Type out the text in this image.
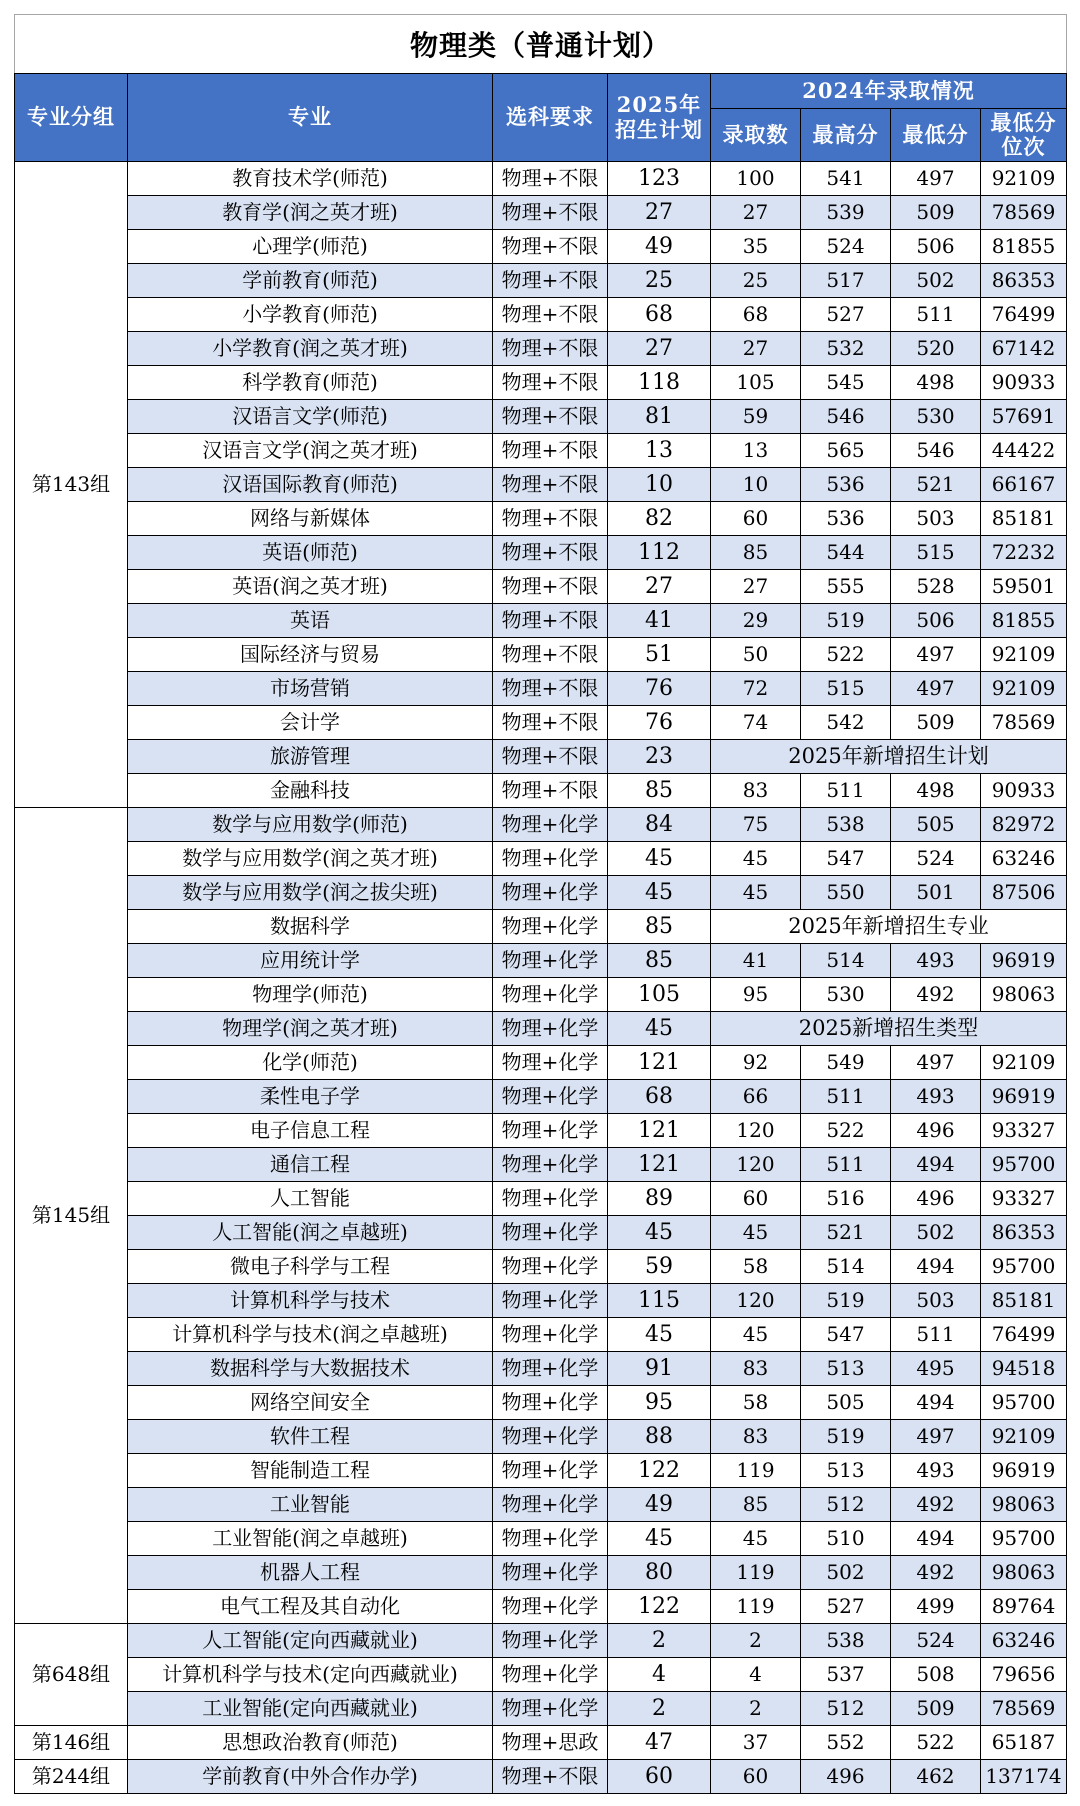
物理类（普通计划）
专业分组	专业	选科要求	2025年
招生计划
2024年录取情况
录取数	最高分	最低分	最低分
位次
第143组
教育技术学(师范)	物理+不限	123	100	541	497	92109
教育学(润之英才班)	物理+不限	27	27	539	509	78569
心理学(师范)	物理+不限	49	35	524	506	81855
学前教育(师范)	物理+不限	25	25	517	502	86353
小学教育(师范)	物理+不限	68	68	527	511	76499
小学教育(润之英才班)	物理+不限	27	27	532	520	67142
科学教育(师范)	物理+不限	118	105	545	498	90933
汉语言文学(师范)	物理+不限	81	59	546	530	57691
汉语言文学(润之英才班)	物理+不限	13	13	565	546	44422
汉语国际教育(师范)	物理+不限	10	10	536	521	66167
网络与新媒体	物理+不限	82	60	536	503	85181
英语(师范)	物理+不限	112	85	544	515	72232
英语(润之英才班)	物理+不限	27	27	555	528	59501
英语	物理+不限	41	29	519	506	81855
国际经济与贸易	物理+不限	51	50	522	497	92109
市场营销	物理+不限	76	72	515	497	92109
会计学	物理+不限	76	74	542	509	78569
旅游管理	物理+不限	23	2025年新增招生计划
金融科技	物理+不限	85	83	511	498	90933
第145组
数学与应用数学(师范)	物理+化学	84	75	538	505	82972
数学与应用数学(润之英才班)	物理+化学	45	45	547	524	63246
数学与应用数学(润之拔尖班)	物理+化学	45	45	550	501	87506
数据科学	物理+化学	85	2025年新增招生专业
应用统计学	物理+化学	85	41	514	493	96919
物理学(师范)	物理+化学	105	95	530	492	98063
物理学(润之英才班)	物理+化学	45	2025新增招生类型
化学(师范)	物理+化学	121	92	549	497	92109
柔性电子学	物理+化学	68	66	511	493	96919
电子信息工程	物理+化学	121	120	522	496	93327
通信工程	物理+化学	121	120	511	494	95700
人工智能	物理+化学	89	60	516	496	93327
人工智能(润之卓越班)	物理+化学	45	45	521	502	86353
微电子科学与工程	物理+化学	59	58	514	494	95700
计算机科学与技术	物理+化学	115	120	519	503	85181
计算机科学与技术(润之卓越班)	物理+化学	45	45	547	511	76499
数据科学与大数据技术	物理+化学	91	83	513	495	94518
网络空间安全	物理+化学	95	58	505	494	95700
软件工程	物理+化学	88	83	519	497	92109
智能制造工程	物理+化学	122	119	513	493	96919
工业智能	物理+化学	49	85	512	492	98063
工业智能(润之卓越班)	物理+化学	45	45	510	494	95700
机器人工程	物理+化学	80	119	502	492	98063
电气工程及其自动化	物理+化学	122	119	527	499	89764
第648组
人工智能(定向西藏就业)	物理+化学	2	2	538	524	63246
计算机科学与技术(定向西藏就业)	物理+化学	4	4	537	508	79656
工业智能(定向西藏就业)	物理+化学	2	2	512	509	78569
第146组	思想政治教育(师范)	物理+思政	47	37	552	522	65187
第244组	学前教育(中外合作办学)	物理+不限	60	60	496	462	137174
